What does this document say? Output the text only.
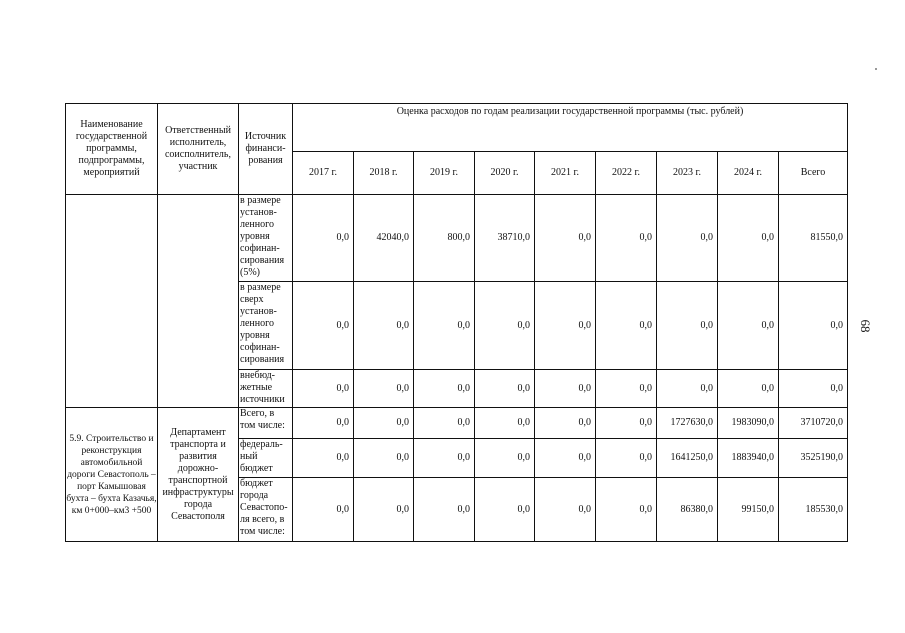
68
Наименование государственной программы, подпрограммы, мероприятий	Ответственный исполнитель, соисполнитель, участник	Источник финанси-рования	Оценка расходов по годам реализации государственной программы (тыс. рублей)								
			2017 г.	2018 г.	2019 г.	2020 г.	2021 г.	2022 г.	2023 г.	2024 г.	Всего
		в размере установ-ленного уровня софинан-сирования (5%)	0,0	42040,0	800,0	38710,0	0,0	0,0	0,0	0,0	81550,0
		в размере сверх установ-ленного уровня софинан-сирования	0,0	0,0	0,0	0,0	0,0	0,0	0,0	0,0	0,0
		внебюд-жетные источники	0,0	0,0	0,0	0,0	0,0	0,0	0,0	0,0	0,0
5.9. Строительство и реконструкция автомобильной дороги Севастополь – порт Камышовая бухта – бухта Казачья, км 0+000–км3 +500	Департамент транспорта и развития дорожно-транспортной инфраструктуры города Севастополя	Всего, в том числе:	0,0	0,0	0,0	0,0	0,0	0,0	1727630,0	1983090,0	3710720,0
		федераль-ный бюджет	0,0	0,0	0,0	0,0	0,0	0,0	1641250,0	1883940,0	3525190,0
		бюджет города Севастопо-ля всего, в том числе:	0,0	0,0	0,0	0,0	0,0	0,0	86380,0	99150,0	185530,0
